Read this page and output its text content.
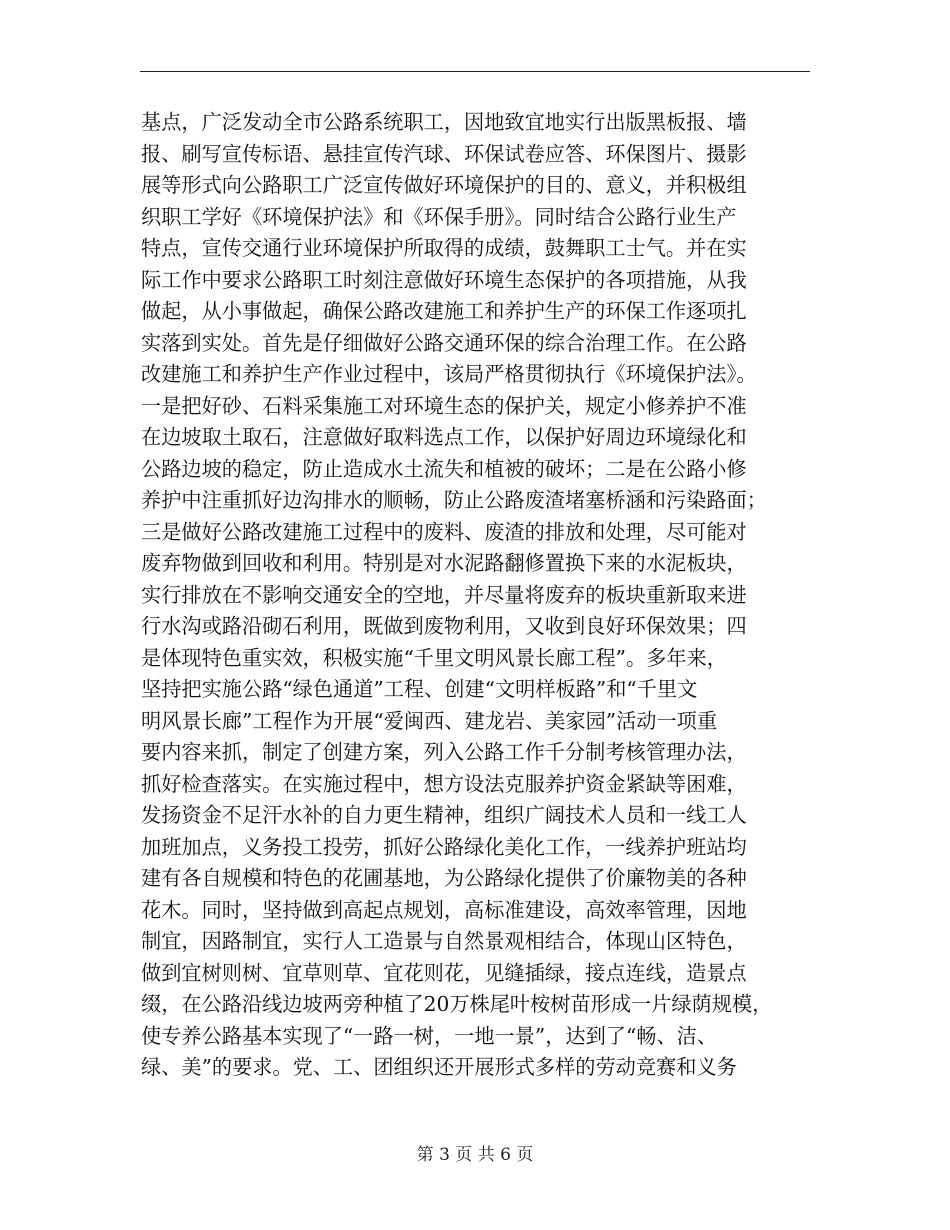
基点，广泛发动全市公路系统职工，因地致宜地实行出版黑板报、墙
报、刷写宣传标语、悬挂宣传汽球、环保试卷应答、环保图片、摄影
展等形式向公路职工广泛宣传做好环境保护的目的、意义，并积极组
织职工学好《环境保护法》和《环保手册》。同时结合公路行业生产
特点，宣传交通行业环境保护所取得的成绩，鼓舞职工士气。并在实
际工作中要求公路职工时刻注意做好环境生态保护的各项措施，从我
做起，从小事做起，确保公路改建施工和养护生产的环保工作逐项扎
实落到实处。首先是仔细做好公路交通环保的综合治理工作。在公路
改建施工和养护生产作业过程中，该局严格贯彻执行《环境保护法》。
一是把好砂、石料采集施工对环境生态的保护关，规定小修养护不准
在边坡取土取石，注意做好取料选点工作，以保护好周边环境绿化和
公路边坡的稳定，防止造成水土流失和植被的破坏；二是在公路小修
养护中注重抓好边沟排水的顺畅，防止公路废渣堵塞桥涵和污染路面；
三是做好公路改建施工过程中的废料、废渣的排放和处理，尽可能对
废弃物做到回收和利用。特别是对水泥路翻修置换下来的水泥板块，
实行排放在不影响交通安全的空地，并尽量将废弃的板块重新取来进
行水沟或路沿砌石利用，既做到废物利用，又收到良好环保效果；四
是体现特色重实效，积极实施“千里文明风景长廊工程”。多年来，
坚持把实施公路“绿色通道”工程、创建“文明样板路”和“千里文
明风景长廊”工程作为开展“爱闽西、建龙岩、美家园”活动一项重
要内容来抓，制定了创建方案，列入公路工作千分制考核管理办法，
抓好检查落实。在实施过程中，想方设法克服养护资金紧缺等困难，
发扬资金不足汗水补的自力更生精神，组织广阔技术人员和一线工人
加班加点，义务投工投劳，抓好公路绿化美化工作，一线养护班站均
建有各自规模和特色的花圃基地，为公路绿化提供了价廉物美的各种
花木。同时，坚持做到高起点规划，高标准建设，高效率管理，因地
制宜，因路制宜，实行人工造景与自然景观相结合，体现山区特色，
做到宜树则树、宜草则草、宜花则花，见缝插绿，接点连线，造景点
缀，在公路沿线边坡两旁种植了20万株尾叶桉树苗形成一片绿荫规模，
使专养公路基本实现了“一路一树，一地一景”，达到了“畅、洁、
绿、美”的要求。党、工、团组织还开展形式多样的劳动竞赛和义务
第 3 页 共 6 页
